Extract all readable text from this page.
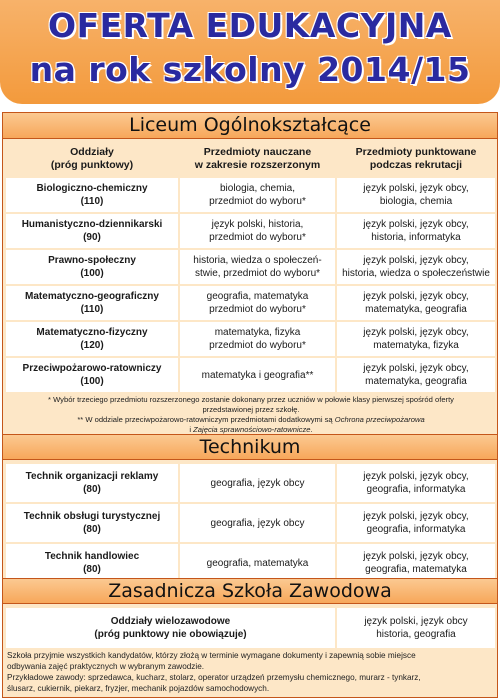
OFERTA EDUKACYJNA
na rok szkolny 2014/15
Liceum Ogólnokształcące
Oddziały
(próg punktowy)
Przedmioty nauczane
w zakresie rozszerzonym
Przedmioty punktowane
podczas rekrutacji
Biologiczno-chemiczny
(110)
biologia, chemia,
przedmiot do wyboru*
język polski, język obcy,
biologia, chemia
Humanistyczno-dziennikarski
(90)
język polski, historia,
przedmiot do wyboru*
język polski, język obcy,
historia, informatyka
Prawno-społeczny
(100)
historia, wiedza o społeczeń-
stwie, przedmiot do wyboru*
język polski, język obcy,
historia, wiedza o społeczeństwie
Matematyczno-geograficzny
(110)
geografia, matematyka
przedmiot do wyboru*
język polski, język obcy,
matematyka, geografia
Matematyczno-fizyczny
(120)
matematyka, fizyka
przedmiot do wyboru*
język polski, język obcy,
matematyka, fizyka
Przeciwpożarowo-ratowniczy
(100)
matematyka i geografia**
język polski, język obcy,
matematyka, geografia
* Wybór trzeciego przedmiotu rozszerzonego zostanie dokonany przez uczniów w połowie klasy pierwszej spośród oferty
przedstawionej przez szkołę.
** W oddziale przeciwpożarowo-ratowniczym przedmiotami dodatkowymi są Ochrona przeciwpożarowa
i Zajęcia sprawnościowo-ratownicze.
Technikum
Technik organizacji reklamy
(80)
geografia, język obcy
język polski, język obcy,
geografia, informatyka
Technik obsługi turystycznej
(80)
geografia, język obcy
język polski, język obcy,
geografia, informatyka
Technik handlowiec
(80)
geografia, matematyka
język polski, język obcy,
geografia, matematyka
Zasadnicza Szkoła Zawodowa
Oddziały wielozawodowe
(próg punktowy nie obowiązuje)
język polski, język obcy
historia, geografia
Szkoła przyjmie wszystkich kandydatów, którzy złożą w terminie wymagane dokumenty i zapewnią sobie miejsce
odbywania zajęć praktycznych w wybranym zawodzie.
Przykładowe zawody: sprzedawca, kucharz, stolarz, operator urządzeń przemysłu chemicznego, murarz - tynkarz,
ślusarz, cukiernik, piekarz, fryzjer, mechanik pojazdów samochodowych.
